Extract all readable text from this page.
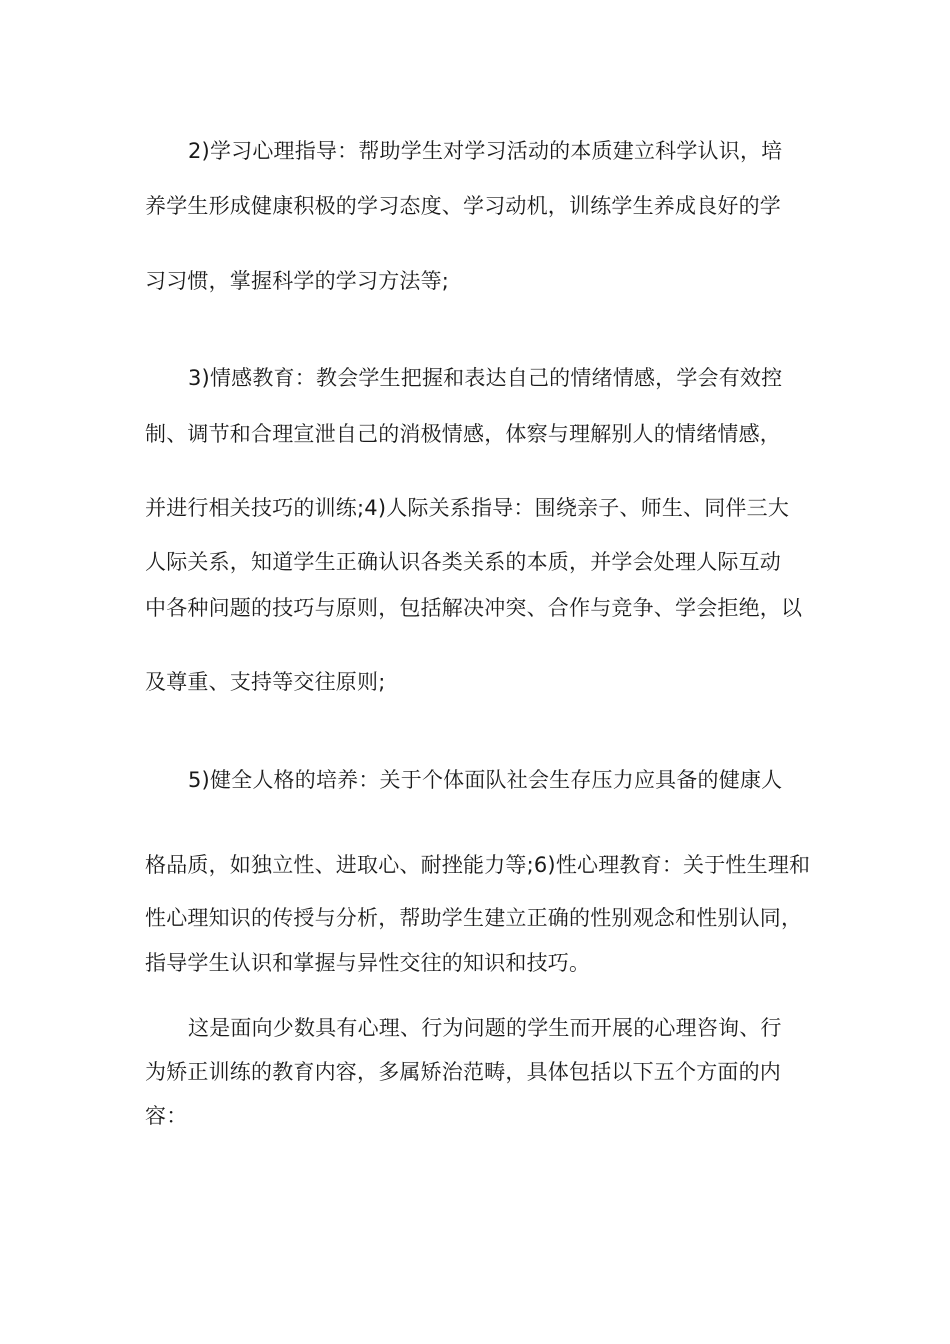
2)学习心理指导：帮助学生对学习活动的本质建立科学认识，培
养学生形成健康积极的学习态度、学习动机，训练学生养成良好的学
习习惯，掌握科学的学习方法等;
3)情感教育：教会学生把握和表达自己的情绪情感，学会有效控
制、调节和合理宣泄自己的消极情感，体察与理解别人的情绪情感，
并进行相关技巧的训练;4)人际关系指导：围绕亲子、师生、同伴三大
人际关系，知道学生正确认识各类关系的本质，并学会处理人际互动
中各种问题的技巧与原则，包括解决冲突、合作与竞争、学会拒绝，以
及尊重、支持等交往原则;
5)健全人格的培养：关于个体面队社会生存压力应具备的健康人
格品质，如独立性、进取心、耐挫能力等;6)性心理教育：关于性生理和
性心理知识的传授与分析，帮助学生建立正确的性别观念和性别认同，
指导学生认识和掌握与异性交往的知识和技巧。
这是面向少数具有心理、行为问题的学生而开展的心理咨询、行
为矫正训练的教育内容，多属矫治范畴，具体包括以下五个方面的内
容：
